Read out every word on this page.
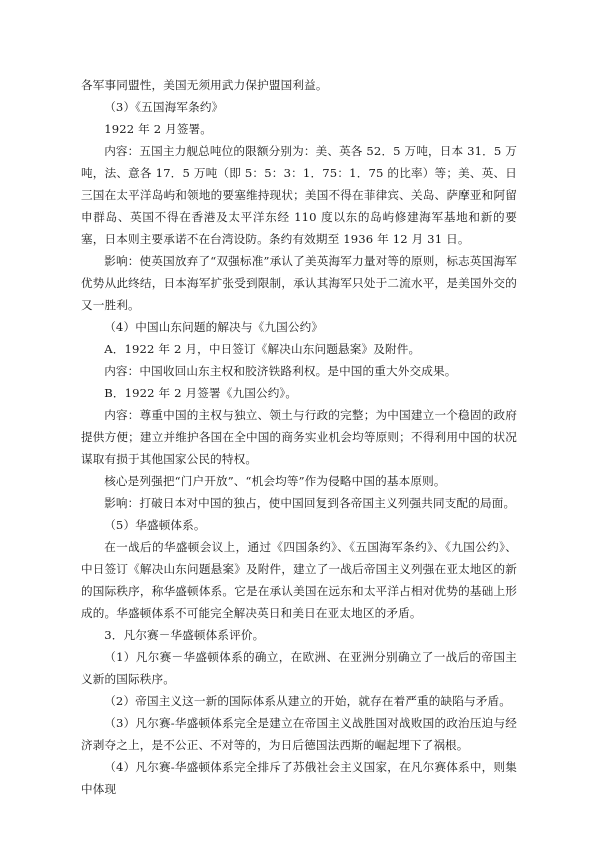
各军事同盟性，美国无须用武力保护盟国利益。

（3）《五国海军条约》

1922 年 2 月签署。

内容：五国主力舰总吨位的限额分别为：美、英各 52．5 万吨，日本 31．5 万吨，法、意各 17．5 万吨（即 5：5：3：1．75：1．75 的比率）等；美、英、日三国在太平洋岛屿和领地的要塞维持现状；美国不得在菲律宾、关岛、萨摩亚和阿留申群岛、英国不得在香港及太平洋东经 110 度以东的岛屿修建海军基地和新的要塞，日本则主要承诺不在台湾设防。条约有效期至 1936 年 12 月 31 日。

影响：使英国放弃了“双强标准”承认了美英海军力量对等的原则，标志英国海军优势从此终结，日本海军扩张受到限制，承认其海军只处于二流水平，是美国外交的又一胜利。

（4）中国山东问题的解决与《九国公约》

A．1922 年 2 月，中日签订《解决山东问题悬案》及附件。

内容：中国收回山东主权和胶济铁路利权。是中国的重大外交成果。

B．1922 年 2 月签署《九国公约》。

内容：尊重中国的主权与独立、领土与行政的完整；为中国建立一个稳固的政府提供方便；建立并维护各国在全中国的商务实业机会均等原则；不得利用中国的状况谋取有损于其他国家公民的特权。

核心是列强把“门户开放”、“机会均等”作为侵略中国的基本原则。

影响：打破日本对中国的独占，使中国回复到各帝国主义列强共同支配的局面。

（5）华盛顿体系。

在一战后的华盛顿会议上，通过《四国条约》、《五国海军条约》、《九国公约》、中日签订《解决山东问题悬案》及附件，建立了一战后帝国主义列强在亚太地区的新的国际秩序，称华盛顿体系。它是在承认美国在远东和太平洋占相对优势的基础上形成的。华盛顿体系不可能完全解决英日和美日在亚太地区的矛盾。

3．凡尔赛－华盛顿体系评价。

（1）凡尔赛－华盛顿体系的确立，在欧洲、在亚洲分别确立了一战后的帝国主义新的国际秩序。

（2）帝国主义这一新的国际体系从建立的开始，就存在着严重的缺陷与矛盾。

（3）凡尔赛-华盛顿体系完全是建立在帝国主义战胜国对战败国的政治压迫与经济剥夺之上，是不公正、不对等的，为日后德国法西斯的崛起埋下了祸根。

（4）凡尔赛-华盛顿体系完全排斥了苏俄社会主义国家，在凡尔赛体系中，则集中体现
